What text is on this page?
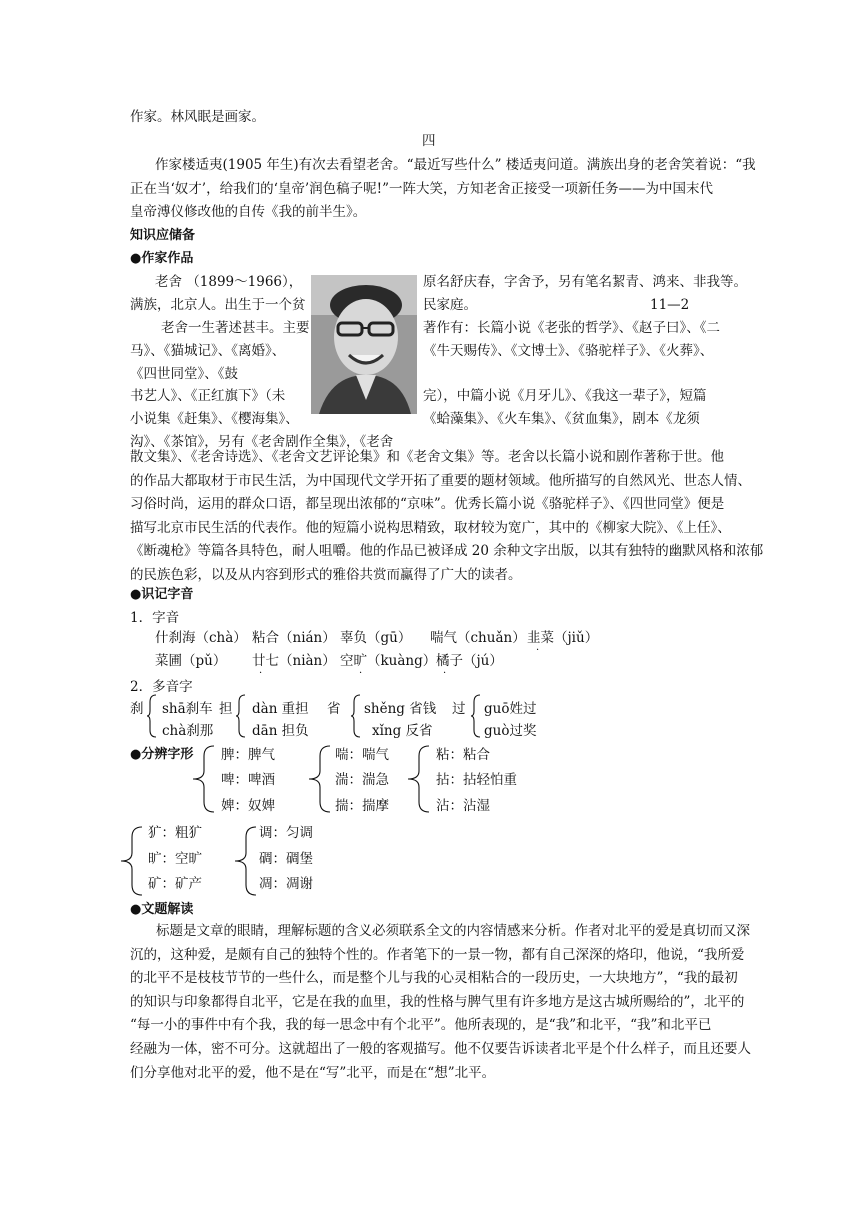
作家。林风眠是画家。
四
作家楼适夷(1905 年生)有次去看望老舍。“最近写些什么” 楼适夷问道。满族出身的老舍笑着说：“我
正在当‘奴才’，给我们的‘皇帝’润色稿子呢!”一阵大笑，方知老舍正接受一项新任务——为中国末代
皇帝溥仪修改他的自传《我的前半生》。
知识应储备
●作家作品
老舍 （1899～1966），
满族，北京人。出生于一个贫
老舍一生著述甚丰。主要
马》、《猫城记》、《离婚》、
《四世同堂》、《鼓
书艺人》、《正红旗下》（未
小说集《赶集》、《樱海集》、
沟》、《茶馆》，另有《老舍剧作全集》，《老舍
原名舒庆春，字舍予，另有笔名絜青、鸿来、非我等。
民家庭。	11—2
著作有：长篇小说《老张的哲学》、《赵子曰》、《二
《牛天赐传》、《文博士》、《骆驼样子》、《火葬》、
完），中篇小说《月牙儿》、《我这一辈子》，短篇
《蛤藻集》、《火车集》、《贫血集》，剧本《龙须
散文集》、《老舍诗选》、《老舍文艺评论集》和《老舍文集》等。老舍以长篇小说和剧作著称于世。他
的作品大都取材于市民生活，为中国现代文学开拓了重要的题材领域。他所描写的自然风光、世态人情、
习俗时尚，运用的群众口语，都呈现出浓郁的“京味”。优秀长篇小说《骆驼样子》、《四世同堂》便是
描写北京市民生活的代表作。他的短篇小说构思精致，取材较为宽广，其中的《柳家大院》、《上任》、
《断魂枪》等篇各具特色，耐人咀嚼。他的作品已被译成 20 余种文字出版，以其有独特的幽默风格和浓郁
的民族色彩，以及从内容到形式的雅俗共赏而赢得了广大的读者。
●识记字音
1．字音
什刹海（chà） 粘合（nián） 辜负（gū） 喘气（chuǎn） 韭菜（jiǔ）
菜圃（pǔ） 廿七（niàn） 空旷（kuàng） 橘子（jú）
·
·	·	·
2．多音字
刹 shā刹车
chà刹那
担 dàn 重担
dān 担负
省 shěng 省钱
xǐng 反省
过 guō姓过
guò过奖
●分辨字形 脾：脾气
啤：啤酒
婢：奴婢
喘：喘气
湍：湍急
揣：揣摩
粘：粘合
拈：拈轻怕重
沾：沾湿
犷：粗犷
旷：空旷
矿：矿产
调：匀调
碉：碉堡
凋：凋谢
●文题解读
标题是文章的眼睛，理解标题的含义必须联系全文的内容情感来分析。作者对北平的爱是真切而又深
沉的，这种爱，是颇有自己的独特个性的。作者笔下的一景一物，都有自己深深的烙印，他说，“我所爱
的北平不是枝枝节节的一些什么，而是整个儿与我的心灵相粘合的一段历史，一大块地方”，“我的最初
的知识与印象都得自北平，它是在我的血里，我的性格与脾气里有许多地方是这古城所赐给的”，北平的
“每一小的事件中有个我，我的每一思念中有个北平”。他所表现的，是“我”和北平，“我”和北平已
经融为一体，密不可分。这就超出了一般的客观描写。他不仅要告诉读者北平是个什么样子，而且还要人
们分享他对北平的爱，他不是在“写”北平，而是在“想”北平。
